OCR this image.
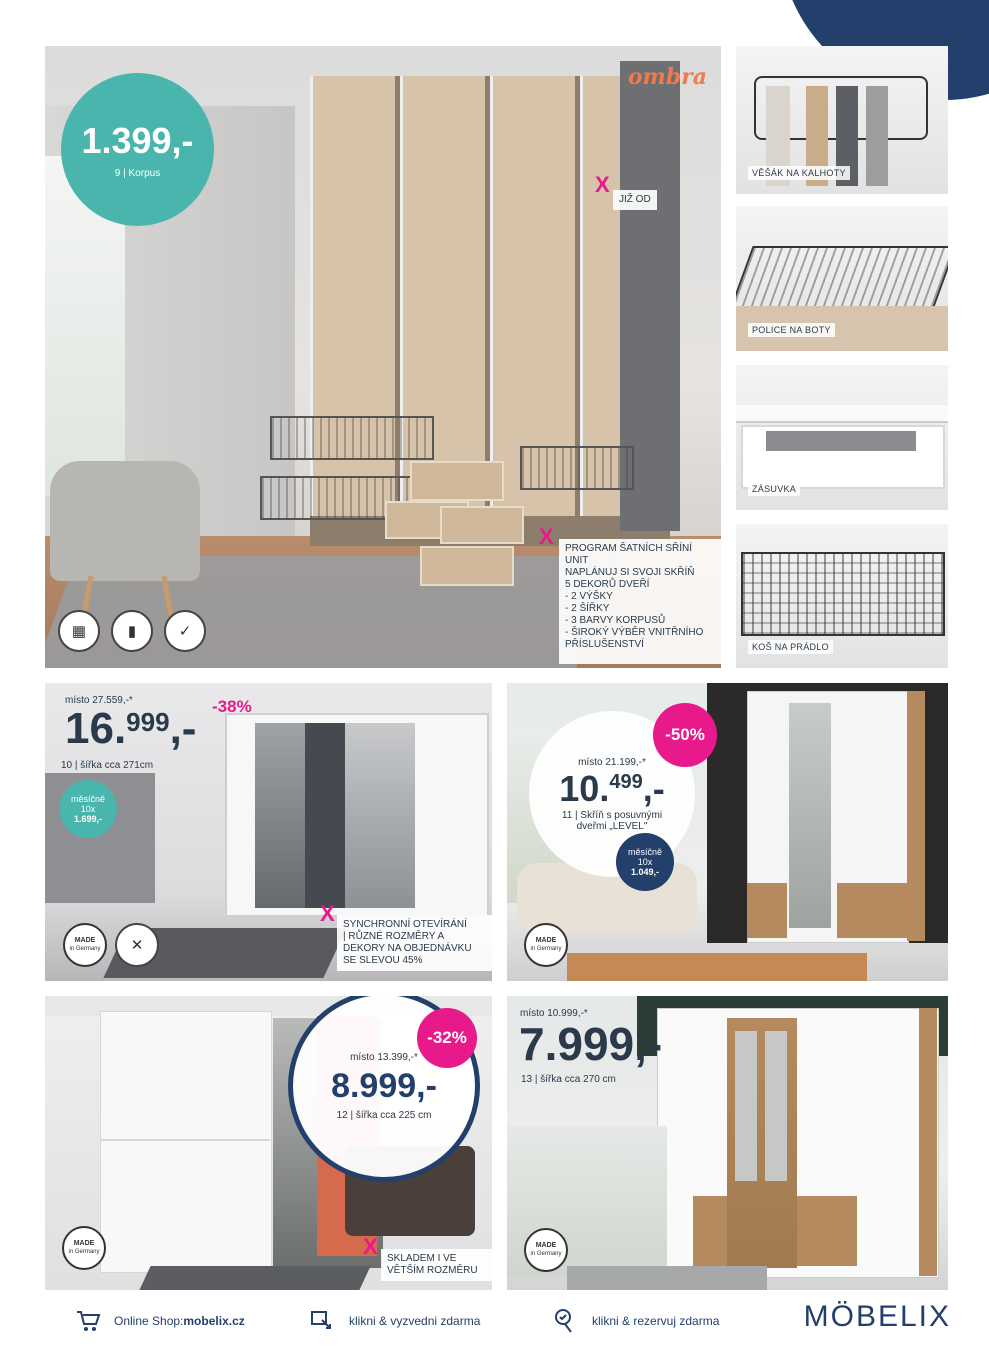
ombra
1.399,-
9 | Korpus	X
JIŽ OD
X PROGRAM ŠATNÍCH SŘÍNÍ
UNIT
NAPLÁNUJ SI SVOJI SKŘÍŇ
5 DEKORŮ DVEŘÍ
- 2 VÝŠKY
- 2 ŠÍŘKY
- 3 BARVY KORPUSŮ
- ŠIROKÝ VÝBĚR VNITŘNÍHO
PŘÍSLUŠENSTVÍ
▦	▮	✓
VĚŠÁK NA KALHOTY
POLICE NA BOTY
ZÁSUVKA
KOŠ NA PRÁDLO
místo 27.559,-*
16. 999 ,- -38%
10 | šířka cca 271cm
měsíčně
10x
1.699,-
MADE
in Germany	✕
X SYNCHRONNÍ OTEVÍRÁNÍ
| RŮZNÉ ROZMĚRY A
DEKORY NA OBJEDNÁVKU
SE SLEVOU 45%
místo 21.199,-*
10. 499 ,-
11 | Skříň s posuvnými
dveřmi „LEVEL"
-50%
měsíčně
10x
1.049,-
MADE
in Germany
místo 13.399,-*
8.999,-
12 | šířka cca 225 cm
-32%
MADE
in Germany	X SKLADEM I VE
VĚTŠÍM ROZMĚRU
místo 10.999,-*
7.999,-
13 | šířka cca 270 cm
MADE
in Germany
Online Shop: mobelix.cz	klikni & vyzvedni zdarma	klikni & rezervuj zdarma	MÖBELIX
